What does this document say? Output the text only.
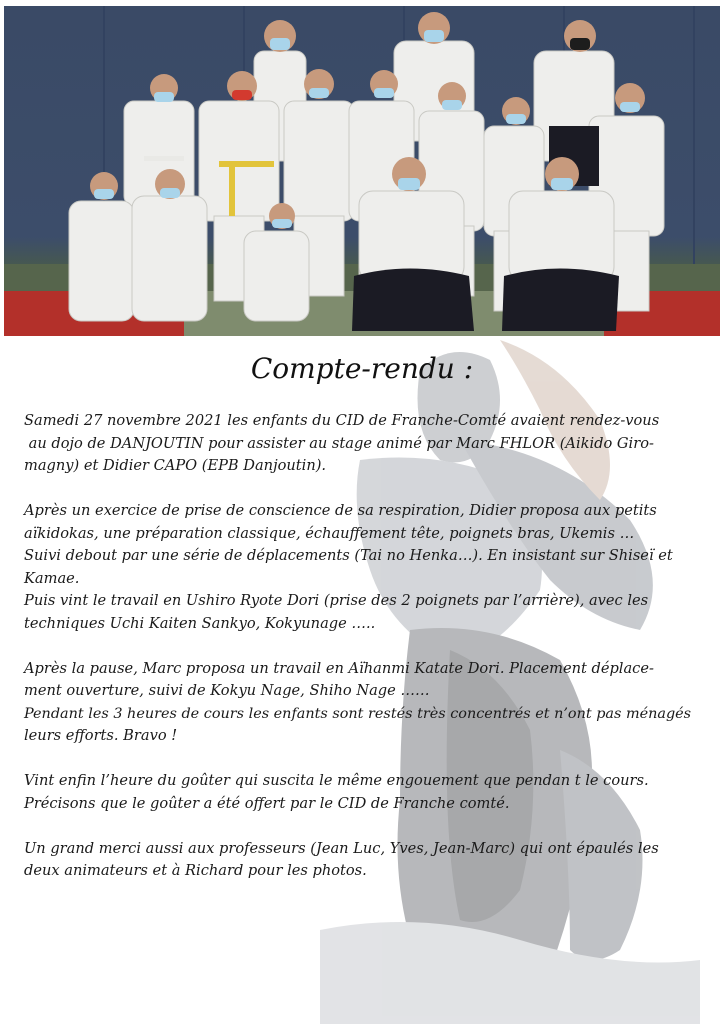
Compte-rendu :

Samedi 27 novembre 2021 les enfants du CID de Franche-Comté avaient rendez-vous
au dojo de DANJOUTIN pour assister au stage animé par Marc FHLOR (Aikido Giro-
magny) et Didier CAPO (EPB Danjoutin).

Après un exercice de prise de conscience de sa respiration, Didier proposa aux petits
aïkidokas, une préparation classique, échauffement tête, poignets bras, Ukemis …
Suivi debout par une série de déplacements (Tai no Henka…). En insistant sur Shiseï et
Kamae.
Puis vint le travail en Ushiro Ryote Dori (prise des 2 poignets par l’arrière), avec les
techniques Uchi Kaiten Sankyo, Kokyunage …..

Après la pause, Marc proposa un travail en Aïhanmi Katate Dori. Placement déplace-
ment ouverture, suivi de Kokyu Nage, Shiho Nage ……
Pendant les 3 heures de cours les enfants sont restés très concentrés et n’ont pas ménagés
leurs efforts. Bravo !

Vint enfin l’heure du goûter qui suscita le même engouement que pendan t le cours.
Précisons que le goûter a été offert par le CID de Franche comté.

Un grand merci aussi aux professeurs (Jean Luc, Yves, Jean-Marc) qui ont épaulés les
deux animateurs et à Richard pour les photos.
